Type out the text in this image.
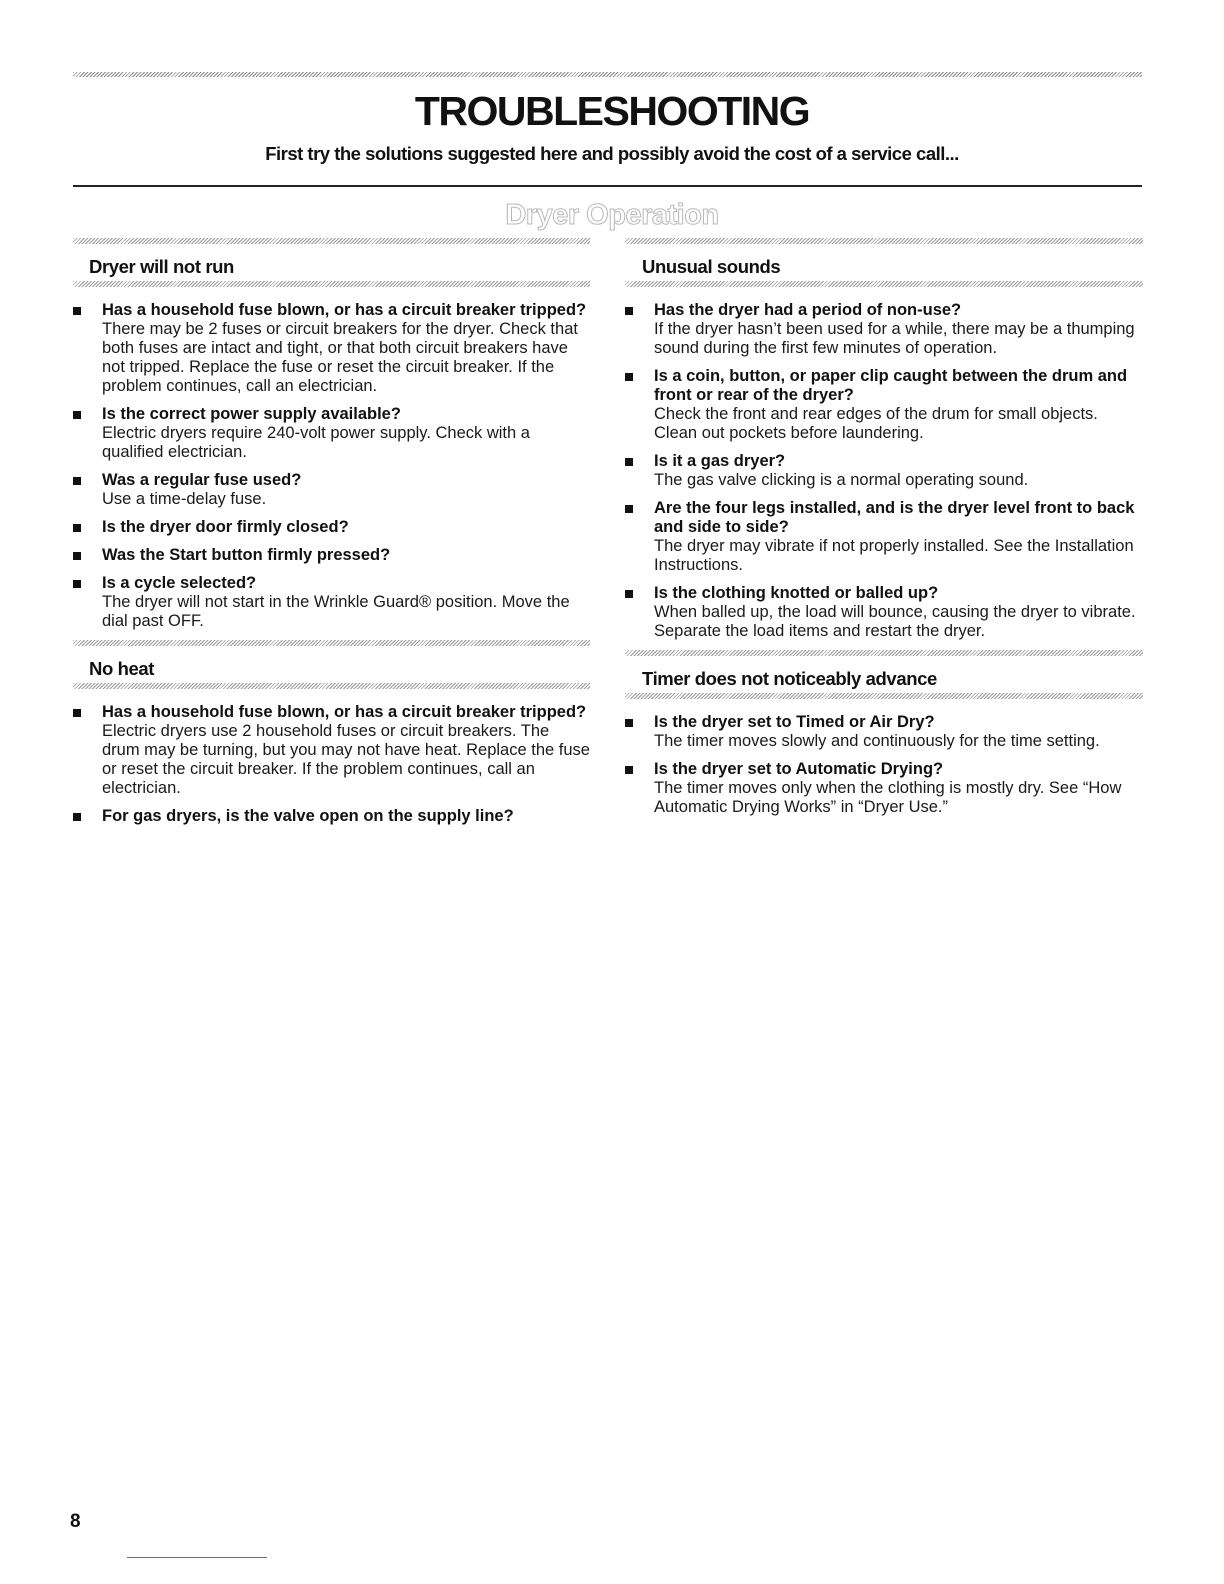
TROUBLESHOOTING

First try the solutions suggested here and possibly avoid the cost of a service call...

Dryer Operation
Dryer will not run
Has a household fuse blown, or has a circuit breaker tripped?
There may be 2 fuses or circuit breakers for the dryer. Check that both fuses are intact and tight, or that both circuit breakers have not tripped. Replace the fuse or reset the circuit breaker. If the problem continues, call an electrician.
Is the correct power supply available?
Electric dryers require 240-volt power supply. Check with a qualified electrician.
Was a regular fuse used?
Use a time-delay fuse.
Is the dryer door firmly closed?
Was the Start button firmly pressed?
Is a cycle selected?
The dryer will not start in the Wrinkle Guard® position. Move the dial past OFF.
No heat
Has a household fuse blown, or has a circuit breaker tripped?
Electric dryers use 2 household fuses or circuit breakers. The drum may be turning, but you may not have heat. Replace the fuse or reset the circuit breaker. If the problem continues, call an electrician.
For gas dryers, is the valve open on the supply line?
Unusual sounds
Has the dryer had a period of non-use?
If the dryer hasn’t been used for a while, there may be a thumping sound during the first few minutes of operation.
Is a coin, button, or paper clip caught between the drum and front or rear of the dryer?
Check the front and rear edges of the drum for small objects. Clean out pockets before laundering.
Is it a gas dryer?
The gas valve clicking is a normal operating sound.
Are the four legs installed, and is the dryer level front to back and side to side?
The dryer may vibrate if not properly installed. See the Installation Instructions.
Is the clothing knotted or balled up?
When balled up, the load will bounce, causing the dryer to vibrate. Separate the load items and restart the dryer.
Timer does not noticeably advance
Is the dryer set to Timed or Air Dry?
The timer moves slowly and continuously for the time setting.
Is the dryer set to Automatic Drying?
The timer moves only when the clothing is mostly dry. See “How Automatic Drying Works” in “Dryer Use.”

8
